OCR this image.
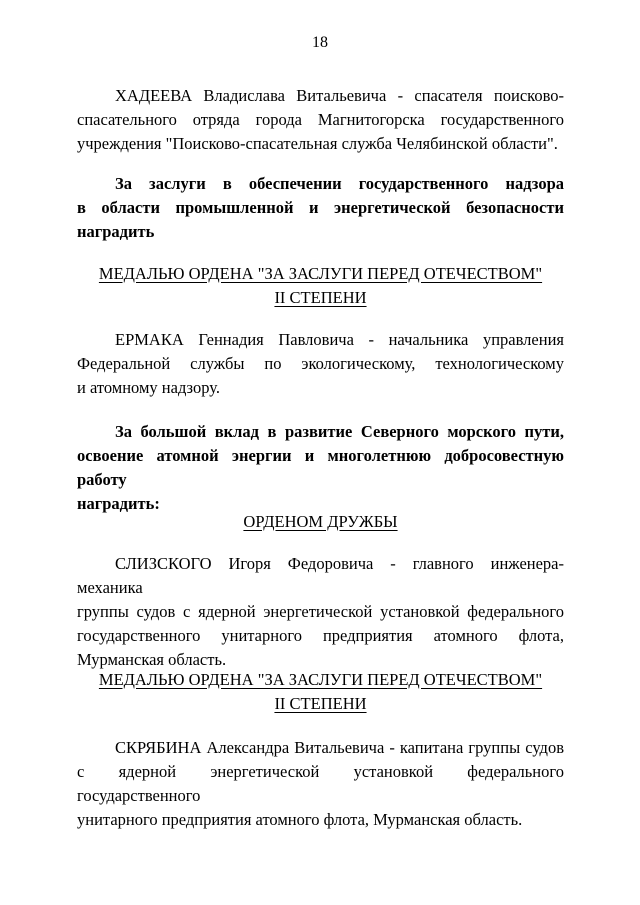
18

ХАДЕЕВА Владислава Витальевича - спасателя поисково-
спасательного отряда города Магнитогорска государственного
учреждения "Поисково-спасательная служба Челябинской области".

За заслуги в обеспечении государственного надзора
в области промышленной и энергетической безопасности
наградить

МЕДАЛЬЮ ОРДЕНА "ЗА ЗАСЛУГИ ПЕРЕД ОТЕЧЕСТВОМ"
II СТЕПЕНИ

ЕРМАКА Геннадия Павловича - начальника управления
Федеральной службы по экологическому, технологическому
и атомному надзору.

За большой вклад в развитие Северного морского пути,
освоение атомной энергии и многолетнюю добросовестную работу
наградить:

ОРДЕНОМ ДРУЖБЫ

СЛИЗСКОГО Игоря Федоровича - главного инженера-механика
группы судов с ядерной энергетической установкой федерального
государственного унитарного предприятия атомного флота,
Мурманская область.

МЕДАЛЬЮ ОРДЕНА "ЗА ЗАСЛУГИ ПЕРЕД ОТЕЧЕСТВОМ"
II СТЕПЕНИ

СКРЯБИНА Александра Витальевича - капитана группы судов
с ядерной энергетической установкой федерального государственного
унитарного предприятия атомного флота, Мурманская область.
